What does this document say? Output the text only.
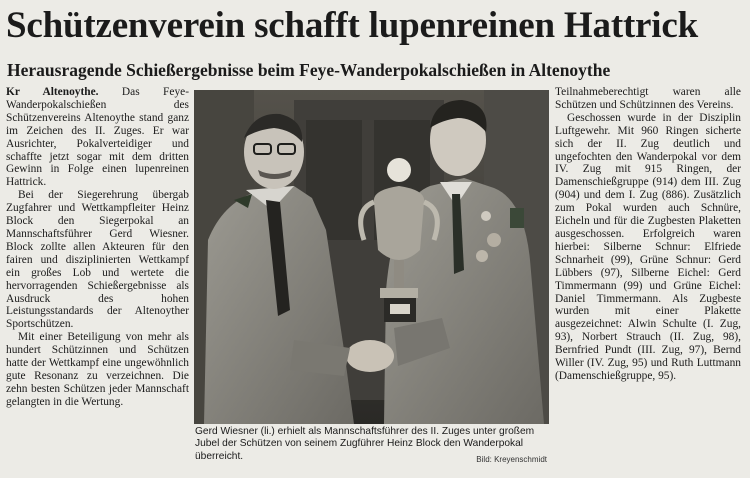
Schützenverein schafft lupenreinen Hattrick
Herausragende Schießergebnisse beim Feye-Wanderpokalschießen in Altenoythe

Kr Altenoythe. Das Feye-Wanderpokalschießen des Schützenvereins Altenoythe stand ganz im Zeichen des II. Zuges. Er war Ausrichter, Pokalverteidiger und schaffte jetzt sogar mit dem dritten Gewinn in Folge einen lupenreinen Hattrick.

Bei der Siegerehrung übergab Zugfahrer und Wettkampfleiter Heinz Block den Siegerpokal an Mannschaftsführer Gerd Wiesner. Block zollte allen Akteuren für den fairen und disziplinierten Wettkampf ein großes Lob und wertete die hervorragenden Schießergebnisse als Ausdruck des hohen Leistungsstandards der Altenoyther Sportschützen.

Mit einer Beteiligung von mehr als hundert Schützinnen und Schützen hatte der Wettkampf eine ungewöhnlich gute Resonanz zu verzeichnen. Die zehn besten Schützen jeder Mannschaft gelangten in die Wertung.

Gerd Wiesner (li.) erhielt als Mannschaftsführer des II. Zuges unter großem Jubel der Schützen von seinem Zugführer Heinz Block den Wanderpokal überreicht.	Bild: Kreyenschmidt

Teilnahmeberechtigt waren alle Schützen und Schützinnen des Vereins.

Geschossen wurde in der Disziplin Luftgewehr. Mit 960 Ringen sicherte sich der II. Zug deutlich und ungefochten den Wanderpokal vor dem IV. Zug mit 915 Ringen, der Damenschießgruppe (914) dem III. Zug (904) und dem I. Zug (886). Zusätzlich zum Pokal wurden auch Schnüre, Eicheln und für die Zugbesten Plaketten ausgeschossen. Erfolgreich waren hierbei: Silberne Schnur: Elfriede Schnarheit (99), Grüne Schnur: Gerd Lübbers (97), Silberne Eichel: Gerd Timmermann (99) und Grüne Eichel: Daniel Timmermann. Als Zugbeste wurden mit einer Plakette ausgezeichnet: Alwin Schulte (I. Zug, 93), Norbert Strauch (II. Zug, 98), Bernfried Pundt (III. Zug, 97), Bernd Willer (IV. Zug, 95) und Ruth Luttmann (Damenschießgruppe, 95).
